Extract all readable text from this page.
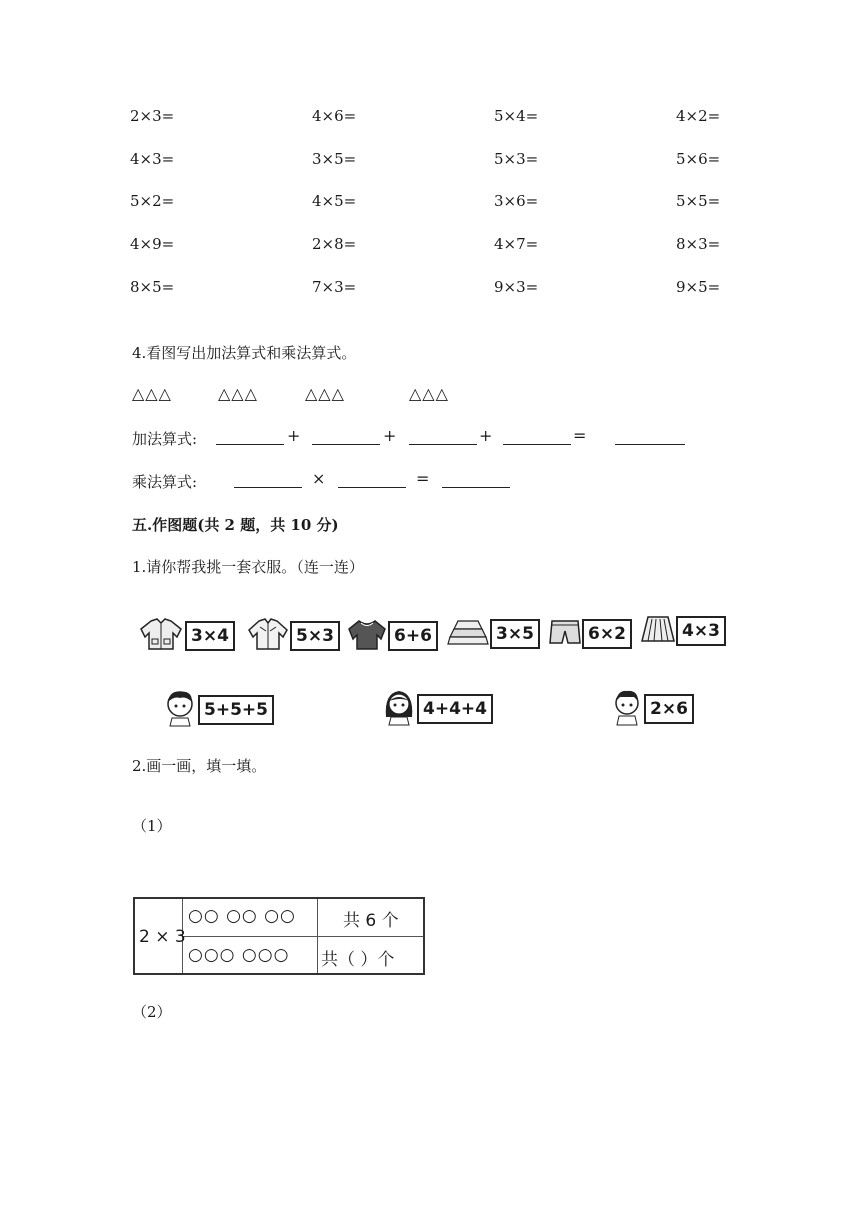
2×3=	4×6=	5×4=	4×2=
4×3=	3×5=	5×3=	5×6=
5×2=	4×5=	3×6=	5×5=
4×9=	2×8=	4×7=	8×3=
8×5=	7×3=	9×3=	9×5=
4.看图写出加法算式和乘法算式。
△△△	△△△	△△△	△△△
加法算式:	+	+	+	=
乘法算式:	×	=
五.作图题(共 2 题，共 10 分)
1.请你帮我挑一套衣服。（连一连）
3×4	5×3	6+6	3×5	6×2	4×3
5+5+5	4+4+4	2×6
2.画一画，填一填。
（1）
2 × 3
○○ ○○ ○○	共 6 个
○○○ ○○○ 共（ ）个
（2）
